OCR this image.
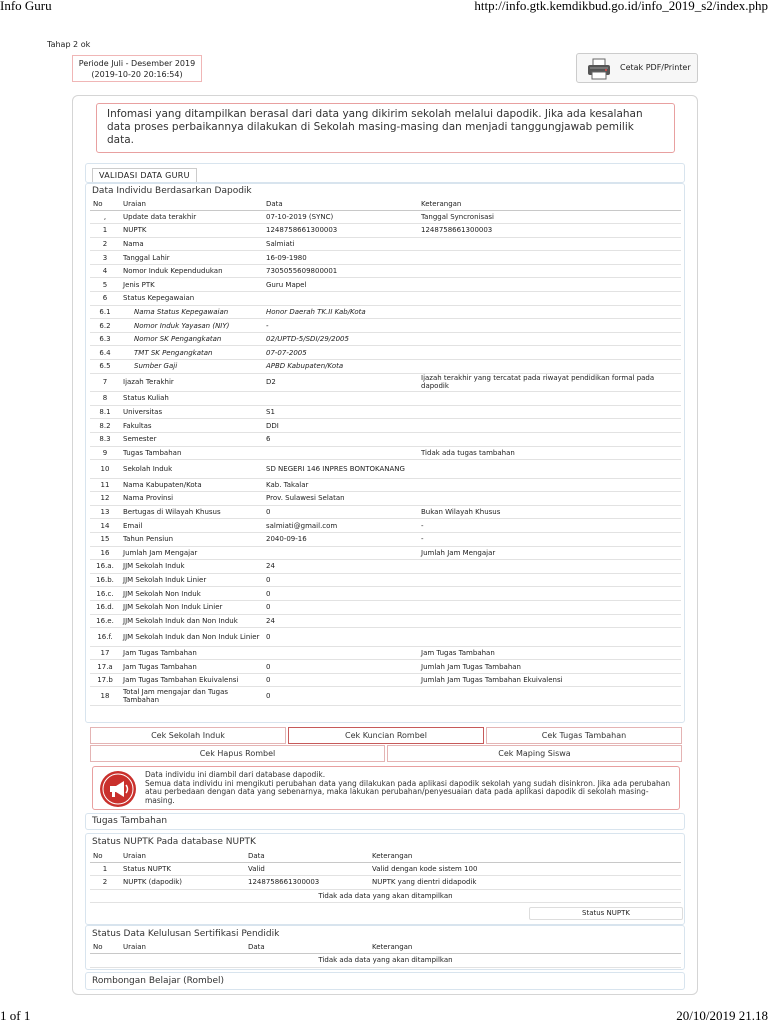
Info Guru	http://info.gtk.kemdikbud.go.id/info_2019_s2/index.php
Tahap 2 ok
Periode Juli - Desember 2019
(2019-10-20 20:16:54)
Cetak PDF/Printer
Infomasi yang ditampilkan berasal dari data yang dikirim sekolah melalui dapodik. Jika ada kesalahan data proses perbaikannya dilakukan di Sekolah masing-masing dan menjadi tanggungjawab pemilik data.
VALIDASI DATA GURU
Data Individu Berdasarkan Dapodik
No	Uraian	Data	Keterangan
,	Update data terakhir	07-10-2019 (SYNC)	Tanggal Syncronisasi
1	NUPTK	1248758661300003	1248758661300003
2	Nama	Salmiati	
3	Tanggal Lahir	16-09-1980	
4	Nomor Induk Kependudukan	7305055609800001	
5	Jenis PTK	Guru Mapel	
6	Status Kepegawaian		
6.1	Nama Status Kepegawaian	Honor Daerah TK.II Kab/Kota	
6.2	Nomor Induk Yayasan (NIY)	-	
6.3	Nomor SK Pengangkatan	02/UPTD-5/SDI/29/2005	
6.4	TMT SK Pengangkatan	07-07-2005	
6.5	Sumber Gaji	APBD Kabupaten/Kota	
7	Ijazah Terakhir	D2	Ijazah terakhir yang tercatat pada riwayat pendidikan formal pada dapodik
8	Status Kuliah		
8.1	Universitas	S1	
8.2	Fakultas	DDI	
8.3	Semester	6	
9	Tugas Tambahan		Tidak ada tugas tambahan
10	Sekolah Induk	SD NEGERI 146 INPRES BONTOKANANG	
11	Nama Kabupaten/Kota	Kab. Takalar	
12	Nama Provinsi	Prov. Sulawesi Selatan	
13	Bertugas di Wilayah Khusus	0	Bukan Wilayah Khusus
14	Email	salmiati@gmail.com	-
15	Tahun Pensiun	2040-09-16	-
16	Jumlah Jam Mengajar		Jumlah Jam Mengajar
16.a.	JJM Sekolah Induk	24	
16.b.	JJM Sekolah Induk Linier	0	
16.c.	JJM Sekolah Non Induk	0	
16.d.	JJM Sekolah Non Induk Linier	0	
16.e.	JJM Sekolah Induk dan Non Induk	24	
16.f.	JJM Sekolah Induk dan Non Induk Linier	0	
17	Jam Tugas Tambahan		Jam Tugas Tambahan
17.a	Jam Tugas Tambahan	0	Jumlah Jam Tugas Tambahan
17.b	Jam Tugas Tambahan Ekuivalensi	0	Jumlah Jam Tugas Tambahan Ekuivalensi
18	Total Jam mengajar dan Tugas Tambahan	0	
Cek Sekolah Induk	Cek Kuncian Rombel	Cek Tugas Tambahan
Cek Hapus Rombel	Cek Maping Siswa
Data individu ini diambil dari database dapodik.
Semua data individu ini mengikuti perubahan data yang dilakukan pada aplikasi dapodik sekolah yang sudah disinkron. Jika ada perubahan atau perbedaan dengan data yang sebenarnya, maka lakukan perubahan/penyesuaian data pada aplikasi dapodik di sekolah masing-masing.
Tugas Tambahan
Status NUPTK Pada database NUPTK
No	Uraian	Data	Keterangan
1	Status NUPTK	Valid	Valid dengan kode sistem 100
2	NUPTK (dapodik)	1248758661300003	NUPTK yang dientri didapodik
Tidak ada data yang akan ditampilkan			
Status NUPTK
Status Data Kelulusan Sertifikasi Pendidik
No	Uraian	Data	Keterangan
Tidak ada data yang akan ditampilkan
Rombongan Belajar (Rombel)
1 of 1	20/10/2019 21.18
